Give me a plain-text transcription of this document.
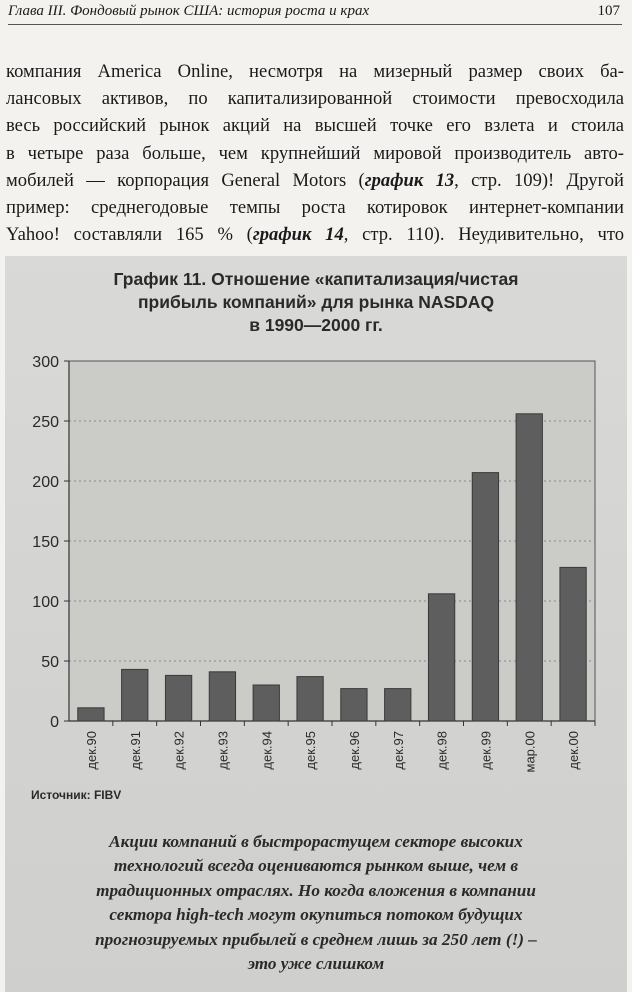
Глава III. Фондовый рынок США: история роста и краx	107
компания America Online, несмотря на мизерный размер своих ба-
лансовых активов, по капитализированной стоимости превосходила
весь российский рынок акций на высшей точке его взлета и стоила
в четыре раза больше, чем крупнейший мировой производитель авто-
мобилей — корпорация General Motors (график 13, стр. 109)! Другой
пример: среднегодовые темпы роста котировок интернет-компании
Yahoo! составляли 165 % (график 14, стр. 110). Неудивительно, что
График 11. Отношение «капитализация/чистая
прибыль компаний» для рынка NASDAQ
в 1990—2000 гг.
0
50
100
150
200
250
300
дек.90 дек.91 дек.92 дек.93 дек.94 дек.95 дек.96 дек.97 дек.98 дек.99 мар.00 дек.00
Источник: FIBV
Акции компаний в быстрорастущем секторе высоких
технологий всегда оцениваются рынком выше, чем в
традиционных отраслях. Но когда вложения в компании
сектора high-tech могут окупиться потоком будущих
прогнозируемых прибылей в среднем лишь за 250 лет (!) –
это уже слишком
